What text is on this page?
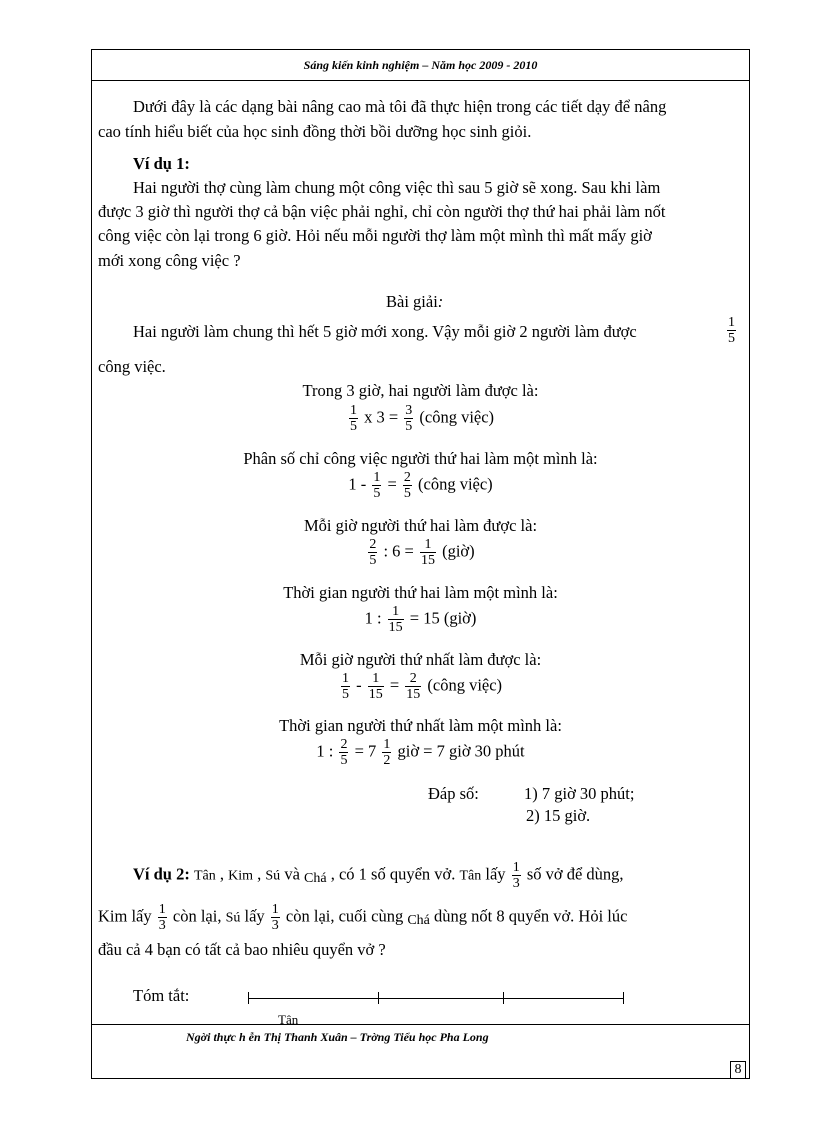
Sáng kiến kinh nghiệm – Năm học 2009 - 2010
Dưới đây là các dạng bài nâng cao mà tôi đã thực hiện trong các tiết dạy để nâng
cao tính hiểu biết của học sinh đồng thời bồi dưỡng học sinh giỏi.
Ví dụ 1:
Hai người thợ cùng làm chung một công việc thì sau 5 giờ sẽ xong. Sau khi làm
được 3 giờ thì người thợ cả bận việc phải nghỉ, chỉ còn người thợ thứ hai phải làm nốt
công việc còn lại trong 6 giờ. Hỏi nếu mỗi người thợ làm một mình thì mất mấy giờ
mới xong công việc ?
Bài giải:
Hai người làm chung thì hết 5 giờ mới xong. Vậy mỗi giờ 2 người làm được	$\frac{1}{5}$
công việc.
Trong 3 giờ, hai người làm được là:
$\frac{1}{5}$ x $3 = \frac{3}{5}$ (công việc)
Phân số chỉ công việc người thứ hai làm một mình là:
$1 - \frac{1}{5} = \frac{2}{5}$ (công việc)
Mỗi giờ người thứ hai làm được là:
$\frac{2}{5}$ : $6 = \frac{1}{15}$ (giờ)
Thời gian người thứ hai làm một mình là:
1 : $\frac{1}{15} = 15$ (giờ)
Mỗi giờ người thứ nhất làm được là:
$\frac{1}{5} - \frac{1}{15} = \frac{2}{15}$ (công việc)
Thời gian người thứ nhất làm một mình là:
1 : $\frac{2}{5} = 7 \frac{1}{2}$ giờ = 7 giờ 30 phút
Đáp số:	1) 7 giờ 30 phút;
2) 15 giờ.
Ví dụ 2: Tân , Kim , Sú và Chá , có 1 số quyển vở. Tân lấy $\frac{1}{3}$ số vở để dùng,
Kim lấy $\frac{1}{3}$ còn lại, Sú lấy $\frac{1}{3}$ còn lại, cuối cùng Chá dùng nốt 8 quyển vở. Hỏi lúc
đầu cả 4 bạn có tất cả bao nhiêu quyển vở ?
Tóm tắt:
Tân
Ngời thực h ễn Thị Thanh Xuân – Trờng Tiểu học Pha Long
8
